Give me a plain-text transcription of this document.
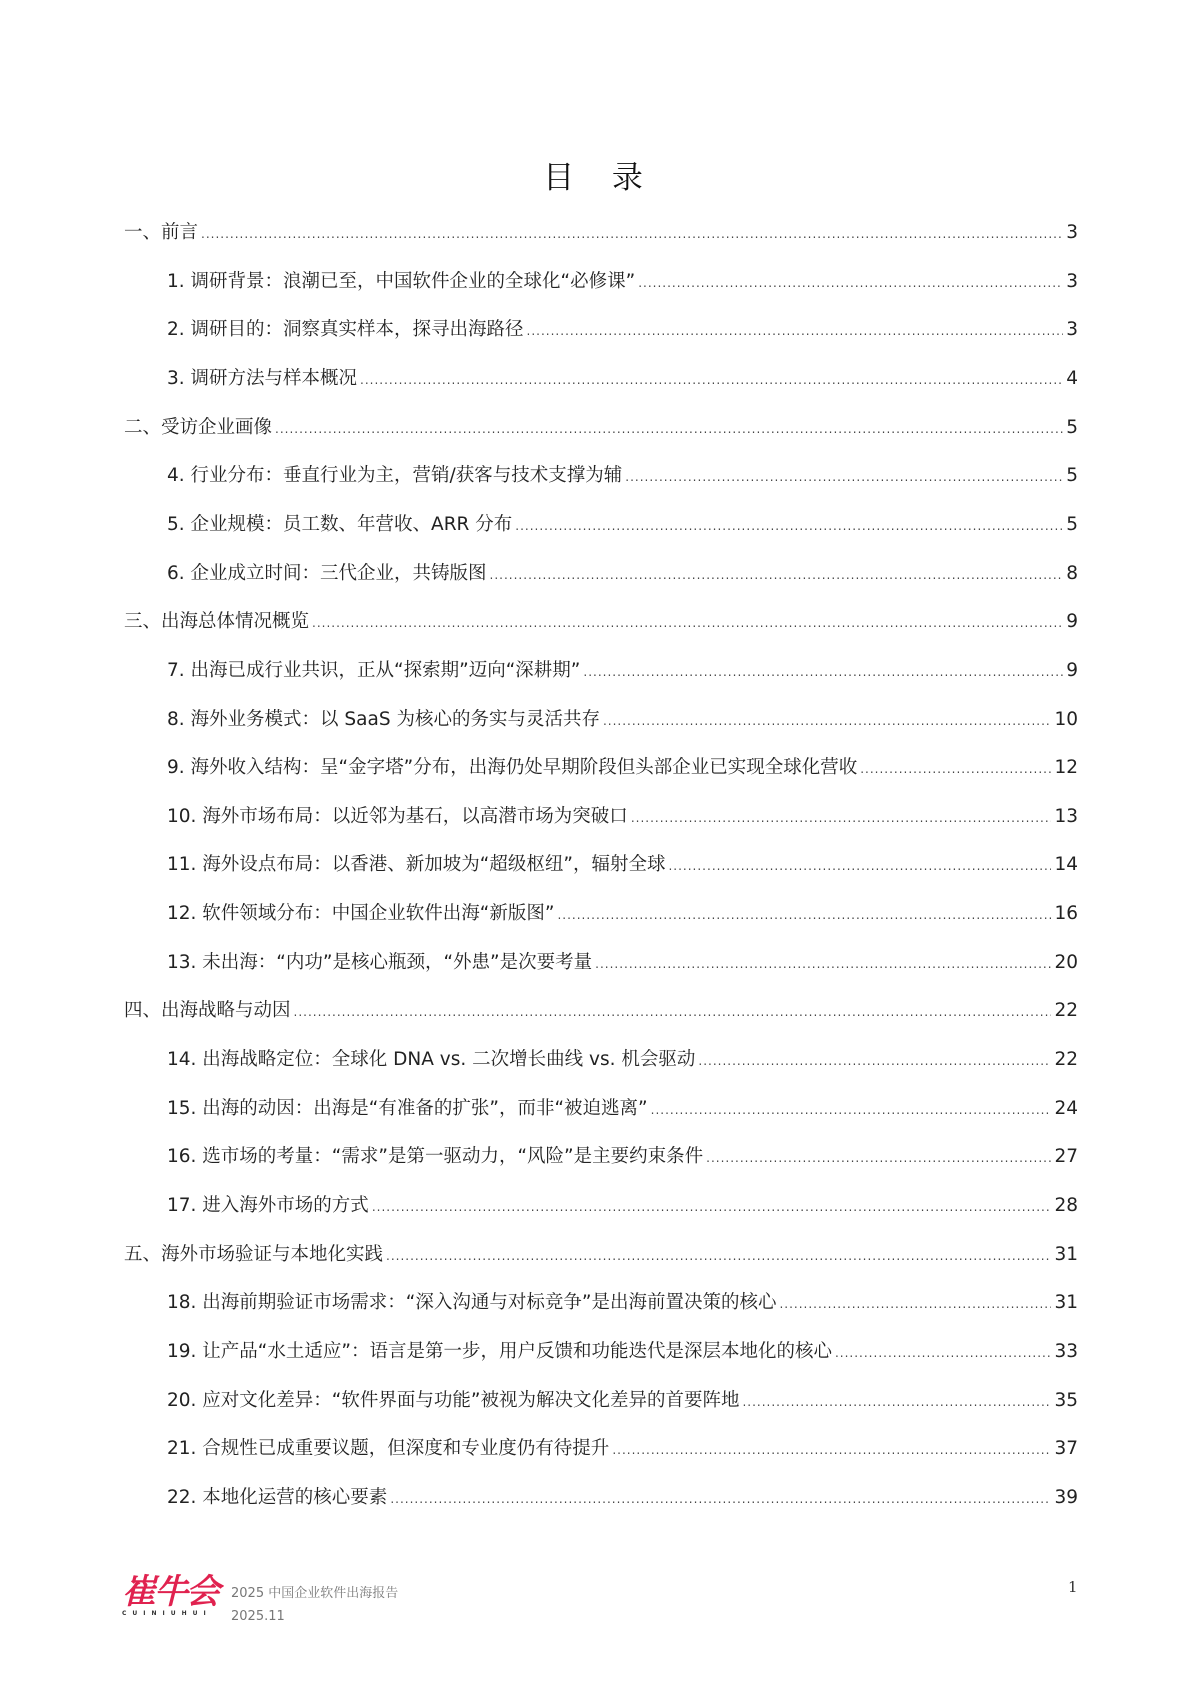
目 录
一、前言 .....	3
1. 调研背景：浪潮已至，中国软件企业的全球化“必修课” .....	3
2. 调研目的：洞察真实样本，探寻出海路径 .....	3
3. 调研方法与样本概况 .....	4
二、受访企业画像 .....	5
4. 行业分布：垂直行业为主，营销/获客与技术支撑为辅 .....	5
5. 企业规模：员工数、年营收、ARR 分布 .....	5
6. 企业成立时间：三代企业，共铸版图 .....	8
三、出海总体情况概览 .....	9
7. 出海已成行业共识，正从“探索期”迈向“深耕期” .....	9
8. 海外业务模式：以 SaaS 为核心的务实与灵活共存 .....	10
9. 海外收入结构：呈“金字塔”分布，出海仍处早期阶段但头部企业已实现全球化营收 .....	12
10. 海外市场布局：以近邻为基石，以高潜市场为突破口 .....	13
11. 海外设点布局：以香港、新加坡为“超级枢纽”，辐射全球 .....	14
12. 软件领域分布：中国企业软件出海“新版图” .....	16
13. 未出海：“内功”是核心瓶颈，“外患”是次要考量 .....	20
四、出海战略与动因 .....	22
14. 出海战略定位：全球化 DNA vs. 二次增长曲线 vs. 机会驱动 .....	22
15. 出海的动因：出海是“有准备的扩张”，而非“被迫逃离” .....	24
16. 选市场的考量：“需求”是第一驱动力，“风险”是主要约束条件 .....	27
17. 进入海外市场的方式 .....	28
五、海外市场验证与本地化实践 .....	31
18. 出海前期验证市场需求：“深入沟通与对标竞争”是出海前置决策的核心 .....	31
19. 让产品“水土适应”：语言是第一步，用户反馈和功能迭代是深层本地化的核心 .....	33
20. 应对文化差异：“软件界面与功能”被视为解决文化差异的首要阵地 .....	35
21. 合规性已成重要议题，但深度和专业度仍有待提升 .....	37
22. 本地化运营的核心要素 .....	39
崔牛会
CUINIUHUI
2025 中国企业软件出海报告
2025.11
1
